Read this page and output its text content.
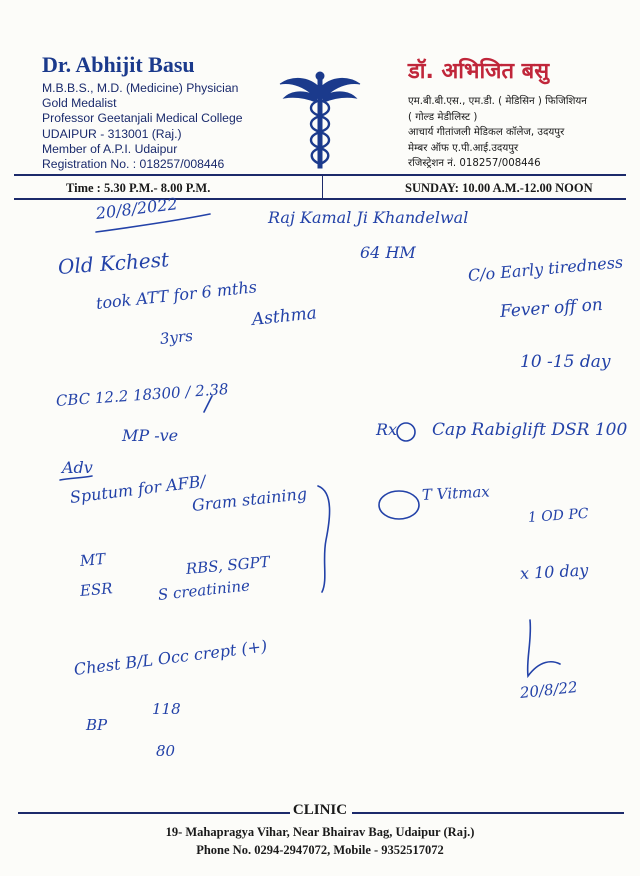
Dr. Abhijit Basu
M.B.B.S., M.D. (Medicine) Physician
Gold Medalist
Professor Geetanjali Medical College
UDAIPUR - 313001 (Raj.)
Member of A.P.I. Udaipur
Registration No. : 018257/008446
डॉ. अभिजित बसु
एम.बी.बी.एस., एम.डी. ( मेडिसिन ) फिजिशियन
( गोल्ड मेडीलिस्ट )
आचार्य गीतांजली मेडिकल कॉलेज, उदयपुर
मेम्बर ऑफ ए.पी.आई.उदयपुर
रजिस्ट्रेशन नं. 018257/008446
Time : 5.30 P.M.- 8.00 P.M.	SUNDAY: 10.00 A.M.-12.00 NOON
20/8/2022	Raj Kamal Ji Khandelwal
64 HM
Old Kchest
took ATT for 6 mths
3yrs
Asthma
C/o Early tiredness
Fever off on
10 -15 day
CBC 12.2 18300 / 2.38
MP -ve	Rx Cap Rabiglift DSR 100
Adv
Sputum for AFB/
Gram staining	T Vitmax
1 OD PC
MT	RBS, SGPT
ESR	S creatinine
x 10 day
Chest B/L Occ crept (+)
20/8/22
BP
118
80
CLINIC
19- Mahapragya Vihar, Near Bhairav Bag, Udaipur (Raj.)
Phone No. 0294-2947072, Mobile - 9352517072
